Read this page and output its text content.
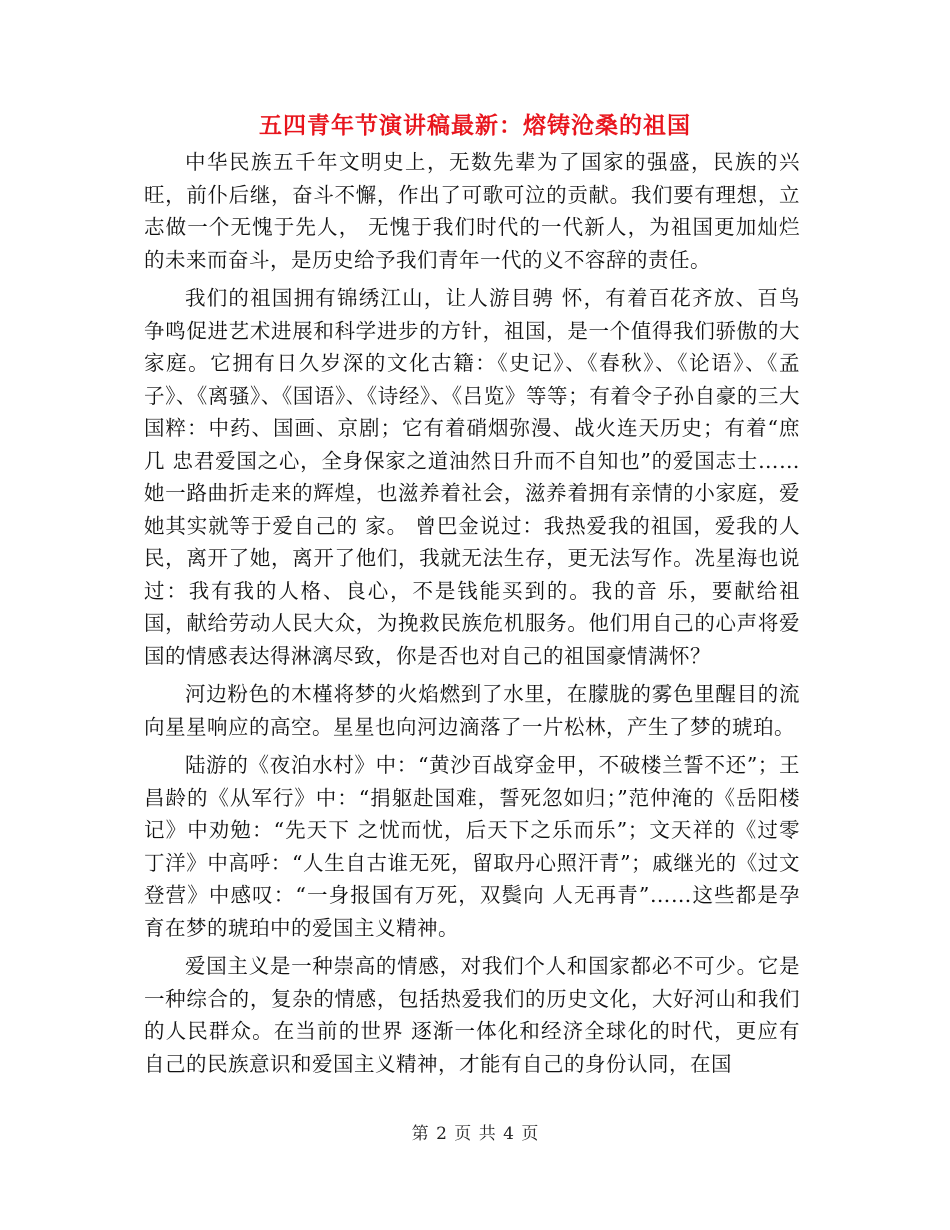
五四青年节演讲稿最新：熔铸沧桑的祖国

中华民族五千年文明史上，无数先辈为了国家的强盛，民族的兴旺，前仆后继，奋斗不懈，作出了可歌可泣的贡献。我们要有理想，立志做一个无愧于先人， 无愧于我们时代的一代新人，为祖国更加灿烂的未来而奋斗，是历史给予我们青年一代的义不容辞的责任。

我们的祖国拥有锦绣江山，让人游目骋 怀，有着百花齐放、百鸟争鸣促进艺术进展和科学进步的方针，祖国，是一个值得我们骄傲的大家庭。它拥有日久岁深的文化古籍：《史记》、《春秋》、《论语》、《孟子》、《离骚》、《国语》、《诗经》、《吕览》等等；有着令子孙自豪的三大国粹：中药、国画、京剧；它有着硝烟弥漫、战火连天历史；有着“庶几 忠君爱国之心，全身保家之道油然日升而不自知也”的爱国志士……她一路曲折走来的辉煌，也滋养着社会，滋养着拥有亲情的小家庭，爱她其实就等于爱自己的 家。 曾巴金说过：我热爱我的祖国，爱我的人民，离开了她，离开了他们，我就无法生存，更无法写作。冼星海也说过：我有我的人格、良心，不是钱能买到的。我的音 乐，要献给祖国，献给劳动人民大众，为挽救民族危机服务。他们用自己的心声将爱国的情感表达得淋漓尽致，你是否也对自己的祖国豪情满怀？

河边粉色的木槿将梦的火焰燃到了水里，在朦胧的雾色里醒目的流向星星响应的高空。星星也向河边滴落了一片松林，产生了梦的琥珀。

陆游的《夜泊水村》中：“黄沙百战穿金甲，不破楼兰誓不还”；王昌龄的《从军行》中：“捐躯赴国难，誓死忽如归；”范仲淹的《岳阳楼记》中劝勉：“先天下 之忧而忧，后天下之乐而乐”；文天祥的《过零丁洋》中高呼：“人生自古谁无死，留取丹心照汗青”；戚继光的《过文登营》中感叹：“一身报国有万死，双鬓向 人无再青”……这些都是孕育在梦的琥珀中的爱国主义精神。

爱国主义是一种崇高的情感，对我们个人和国家都必不可少。它是一种综合的，复杂的情感，包括热爱我们的历史文化，大好河山和我们的人民群众。在当前的世界 逐渐一体化和经济全球化的时代，更应有自己的民族意识和爱国主义精神，才能有自己的身份认同，在国

第 2 页 共 4 页
